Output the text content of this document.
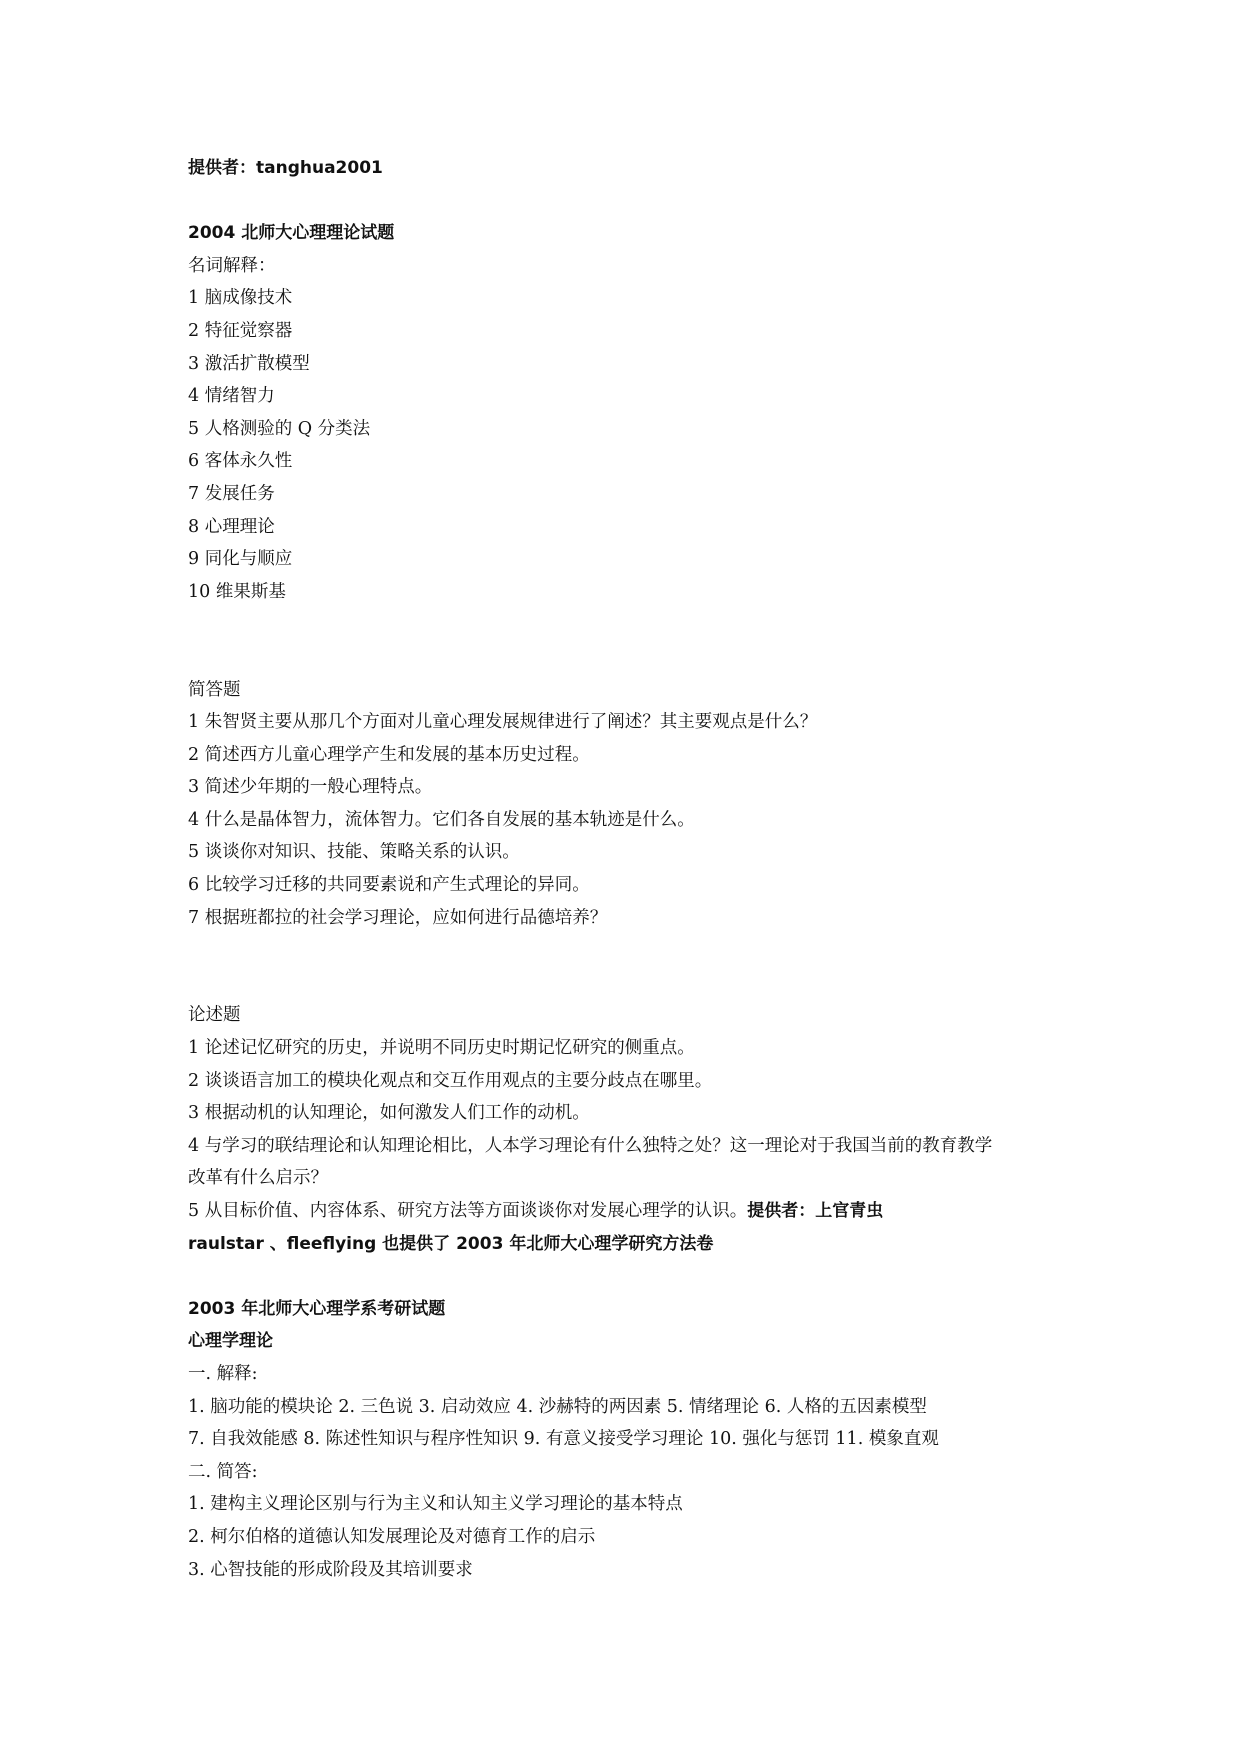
提供者：tanghua2001
2004 北师大心理理论试题
名词解释：
1 脑成像技术
2 特征觉察器
3 激活扩散模型
4 情绪智力
5 人格测验的 Q 分类法
6 客体永久性
7 发展任务
8 心理理论
9 同化与顺应
10 维果斯基
简答题
1 朱智贤主要从那几个方面对儿童心理发展规律进行了阐述？其主要观点是什么？
2 简述西方儿童心理学产生和发展的基本历史过程。
3 简述少年期的一般心理特点。
4 什么是晶体智力，流体智力。它们各自发展的基本轨迹是什么。
5 谈谈你对知识、技能、策略关系的认识。
6 比较学习迁移的共同要素说和产生式理论的异同。
7 根据班都拉的社会学习理论，应如何进行品德培养？
论述题
1 论述记忆研究的历史，并说明不同历史时期记忆研究的侧重点。
2 谈谈语言加工的模块化观点和交互作用观点的主要分歧点在哪里。
3 根据动机的认知理论，如何激发人们工作的动机。
4 与学习的联结理论和认知理论相比，人本学习理论有什么独特之处？这一理论对于我国当前的教育教学
改革有什么启示？
5 从目标价值、内容体系、研究方法等方面谈谈你对发展心理学的认识。提供者：上官青虫
raulstar 、fleeflying 也提供了 2003 年北师大心理学研究方法卷
2003 年北师大心理学系考研试题
心理学理论
一. 解释:
1. 脑功能的模块论 2. 三色说 3. 启动效应 4. 沙赫特的两因素 5. 情绪理论 6. 人格的五因素模型
7. 自我效能感 8. 陈述性知识与程序性知识 9. 有意义接受学习理论 10. 强化与惩罚 11. 模象直观
二. 简答:
1. 建构主义理论区别与行为主义和认知主义学习理论的基本特点
2. 柯尔伯格的道德认知发展理论及对德育工作的启示
3. 心智技能的形成阶段及其培训要求
